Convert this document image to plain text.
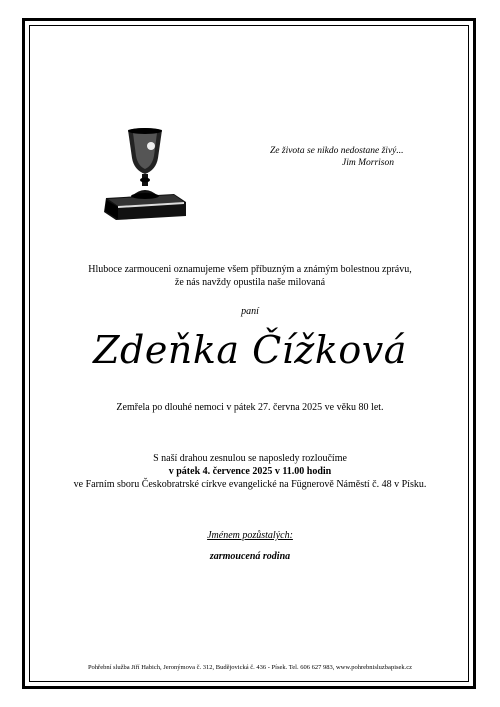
Ze života se nikdo nedostane živý...
Jim Morrison
Hluboce zarmouceni oznamujeme všem příbuzným a známým bolestnou zprávu,
že nás navždy opustila naše milovaná
paní
Zdeňka Čížková
Zemřela po dlouhé nemoci v pátek 27. června 2025 ve věku 80 let.
S naší drahou zesnulou se naposledy rozloučíme
v pátek 4. července 2025 v 11.00 hodin
ve Farním sboru Českobratrské církve evangelické na Fügnerově Náměstí č. 48 v Písku.
Jménem pozůstalých:
zarmoucená rodina
Pohřební služba Jiří Habich, Jeronýmova č. 312, Budějovická č. 436 - Písek. Tel. 606 627 983, www.pohrebnisluzbapisek.cz
